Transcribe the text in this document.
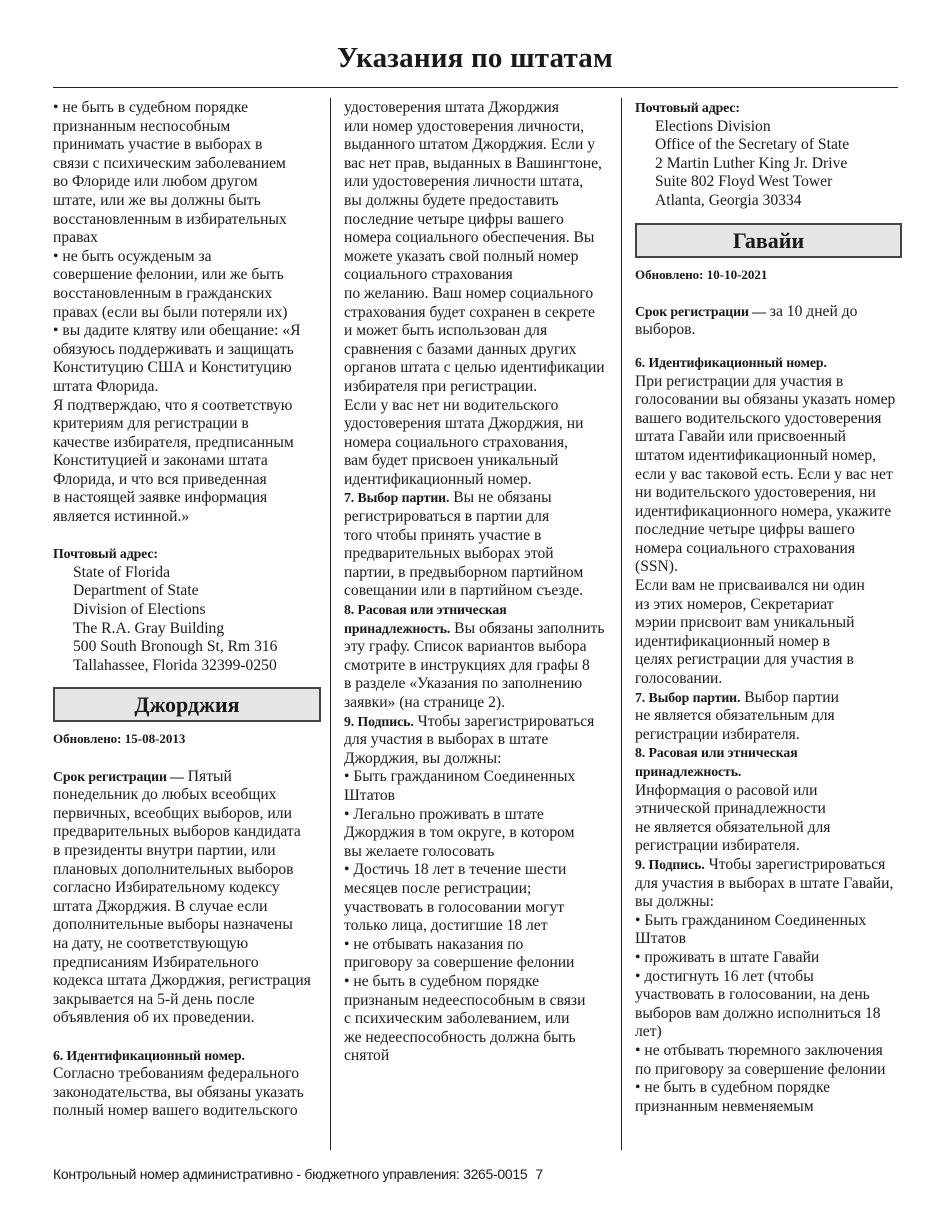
Указания по штатам

• не быть в судебном порядке

признанным неспособным

принимать участие в выборах в

связи с психическим заболеванием

во Флориде или любом другом

штате, или же вы должны быть

восстановленным в избирательных

правах

• не быть осужденым за

совершение фелонии, или же быть

восстановленным в гражданских

правах (если вы были потеряли их)

• вы дадите клятву или обещание: «Я

обязуюсь поддерживать и защищать

Конституцию США и Конституцию

штата Флорида.

Я подтверждаю, что я соответствую

критериям для регистрации в

качестве избирателя, предписанным

Конституцией и законами штата

Флорида, и что вся приведенная

в настоящей заявке информация

является истинной.»

Почтовый адрес:

State of Florida

Department of State

Division of Elections

The R.A. Gray Building

500 South Bronough St, Rm 316

Tallahassee, Florida 32399-0250

Джорджия

Обновлено: 15-08-2013

Срок регистрации — Пятый

понедельник до любых всеобщих

первичных, всеобщих выборов, или

предварительных выборов кандидата

в президенты внутри партии, или

плановых дополнительных выборов

согласно Избирательному кодексу

штата Джорджия. В случае если

дополнительные выборы назначены

на дату, не соответствующую

предписаниям Избирательного

кодекса штата Джорджия, регистрация

закрывается на 5-й день после

объявления об их проведении.

6. Идентификационный номер.

Согласно требованиям федерального

законодательства, вы обязаны указать

полный номер вашего водительского

удостоверения штата Джорджия

или номер удостоверения личности,

выданного штатом Джорджия. Если у

вас нет прав, выданных в Вашингтоне,

или удостоверения личности штата,

вы должны будете предоставить

последние четыре цифры вашего

номера социального обеспечения. Вы

можете указать свой полный номер

социального страхования

по желанию. Ваш номер социального

страхования будет сохранен в секрете

и может быть использован для

сравнения с базами данных других

органов штата с целью идентификации

избирателя при регистрации.

Если у вас нет ни водительского

удостоверения штата Джорджия, ни

номера социального страхования,

вам будет присвоен уникальный

идентификационный номер.

7. Выбор партии. Вы не обязаны

регистрироваться в партии для

того чтобы принять участие в

предварительных выборах этой

партии, в предвыборном партийном

совещании или в партийном съезде.

8. Расовая или этническая

принадлежность. Вы обязаны заполнить

эту графу. Список вариантов выбора

смотрите в инструкциях для графы 8

в разделе «Указания по заполнению

заявки» (на странице 2).

9. Подпись. Чтобы зарегистрироваться

для участия в выборах в штате

Джорджия, вы должны:

• Быть гражданином Соединенных

Штатов

• Легально проживать в штате

Джорджия в том округе, в котором

вы желаете голосовать

• Достичь 18 лет в течение шести

месяцев после регистрации;

участвовать в голосовании могут

только лица, достигшие 18 лет

• не отбывать наказания по

приговору за совершение фелонии

• не быть в судебном порядке

признаным недееспособным в связи

с психическим заболеванием, или

же недееспособность должна быть

снятой

Почтовый адрес:

Elections Division

Office of the Secretary of State

2 Martin Luther King Jr. Drive

Suite 802 Floyd West Tower

Atlanta, Georgia 30334

Гавайи

Обновлено: 10-10-2021

Срок регистрации — за 10 дней до

выборов.

6. Идентификационный номер.

При регистрации для участия в

голосовании вы обязаны указать номер

вашего водительского удостоверения

штата Гавайи или присвоенный

штатом идентификационный номер,

если у вас таковой есть. Если у вас нет

ни водительского удостоверения, ни

идентификационного номера, укажите

последние четыре цифры вашего

номера социального страхования

(SSN).

Если вам не присваивался ни один

из этих номеров, Секретариат

мэрии присвоит вам уникальный

идентификационный номер в

целях регистрации для участия в

голосовании.

7. Выбор партии. Выбор партии

не является обязательным для

регистрации избирателя.

8. Расовая или этническая принадлежность.

Информация о расовой или

этнической принадлежности

не является обязательной для

регистрации избирателя.

9. Подпись. Чтобы зарегистрироваться

для участия в выборах в штате Гавайи,

вы должны:

• Быть гражданином Соединенных

Штатов

• проживать в штате Гавайи

• достигнуть 16 лет (чтобы

участвовать в голосовании, на день

выборов вам должно исполниться 18

лет)

• не отбывать тюремного заключения

по приговору за совершение фелонии

• не быть в судебном порядке

признанным невменяемым

Контрольный номер административно - бюджетного управления: 3265-0015 7
